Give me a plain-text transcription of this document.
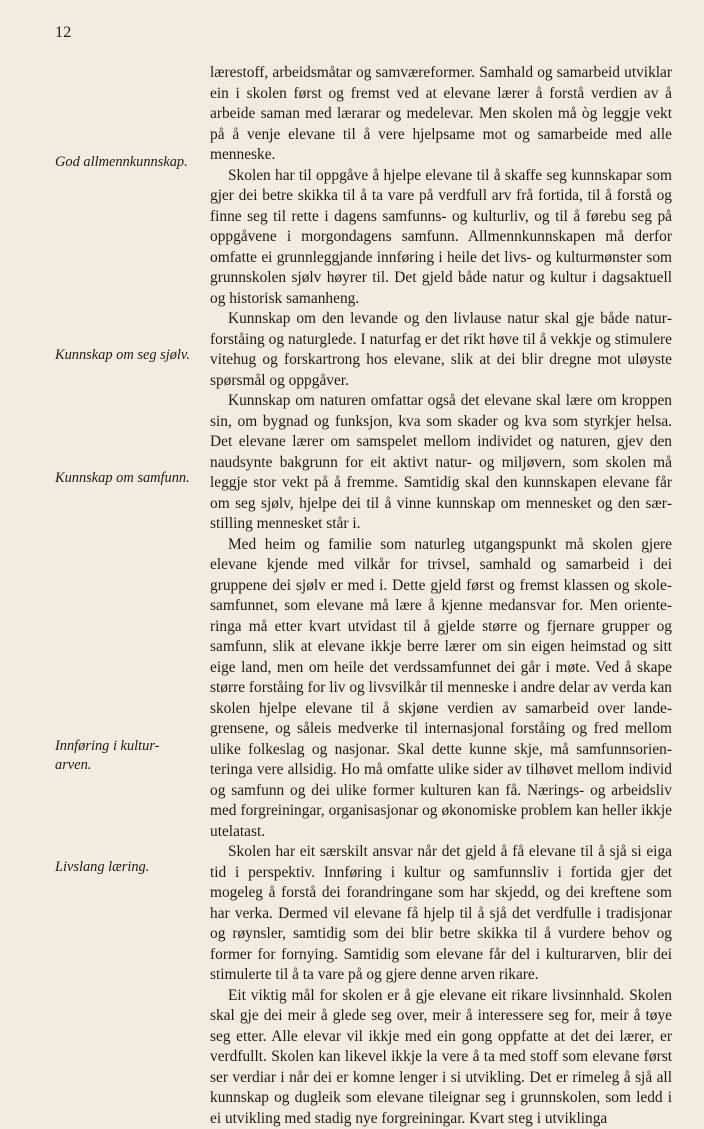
12
God allmennkunnskap.
Kunnskap om seg sjølv.
Kunnskap om samfunn.
Innføring i kultur-
arven.
Livslang læring.

lærestoff, arbeidsmåtar og samværeformer. Samhald og samarbeid utviklar ein i skolen først og fremst ved at elevane lærer å forstå verdien av å arbeide saman med lærarar og medelevar. Men skolen må òg leggje vekt på å venje elevane til å vere hjelpsame mot og samarbeide med alle menneske.

Skolen har til oppgåve å hjelpe elevane til å skaffe seg kunnskapar som gjer dei betre skikka til å ta vare på verdfull arv frå fortida, til å forstå og finne seg til rette i dagens samfunns- og kulturliv, og til å førebu seg på oppgåvene i morgondagens samfunn. Allmennkunnskapen må derfor omfatte ei grunnleggjande innføring i heile det livs- og kulturmønster som grunnskolen sjølv høyrer til. Det gjeld både natur og kultur i dagsaktuell og historisk samanheng.

Kunnskap om den levande og den livlause natur skal gje både naturforståing og naturglede. I naturfag er det rikt høve til å vekkje og stimulere vitehug og forskartrong hos elevane, slik at dei blir dregne mot uløyste spørsmål og oppgåver.

Kunnskap om naturen omfattar også det elevane skal lære om kroppen sin, om bygnad og funksjon, kva som skader og kva som styrkjer helsa. Det elevane lærer om samspelet mellom individet og naturen, gjev den naudsynte bakgrunn for eit aktivt natur- og miljøvern, som skolen må leggje stor vekt på å fremme. Samtidig skal den kunnskapen elevane får om seg sjølv, hjelpe dei til å vinne kunnskap om mennesket og den særstilling mennesket står i.

Med heim og familie som naturleg utgangspunkt må skolen gjere elevane kjende med vilkår for trivsel, samhald og samarbeid i dei gruppene dei sjølv er med i. Dette gjeld først og fremst klassen og skolesamfunnet, som elevane må lære å kjenne medansvar for. Men orienteringa må etter kvart utvidast til å gjelde større og fjernare grupper og samfunn, slik at elevane ikkje berre lærer om sin eigen heimstad og sitt eige land, men om heile det verdssamfunnet dei går i møte. Ved å skape større forståing for liv og livsvilkår til menneske i andre delar av verda kan skolen hjelpe elevane til å skjøne verdien av samarbeid over landegrensene, og såleis medverke til internasjonal forståing og fred mellom ulike folkeslag og nasjonar. Skal dette kunne skje, må samfunnsorienteringa vere allsidig. Ho må omfatte ulike sider av tilhøvet mellom individ og samfunn og dei ulike former kulturen kan få. Nærings- og arbeidsliv med forgreiningar, organisasjonar og økonomiske problem kan heller ikkje utelatast.

Skolen har eit særskilt ansvar når det gjeld å få elevane til å sjå si eiga tid i perspektiv. Innføring i kultur og samfunnsliv i fortida gjer det mogeleg å forstå dei forandringane som har skjedd, og dei kreftene som har verka. Dermed vil elevane få hjelp til å sjå det verdfulle i tradisjonar og røynsler, samtidig som dei blir betre skikka til å vurdere behov og former for fornying. Samtidig som elevane får del i kulturarven, blir dei stimulerte til å ta vare på og gjere denne arven rikare.

Eit viktig mål for skolen er å gje elevane eit rikare livsinnhald. Skolen skal gje dei meir å glede seg over, meir å interessere seg for, meir å tøye seg etter. Alle elevar vil ikkje med ein gong oppfatte at det dei lærer, er verdfullt. Skolen kan likevel ikkje la vere å ta med stoff som elevane først ser verdiar i når dei er komne lenger i si utvikling. Det er rimeleg å sjå all kunnskap og dugleik som elevane tileignar seg i grunnskolen, som ledd i ei utvikling med stadig nye forgreiningar. Kvart steg i utviklinga
